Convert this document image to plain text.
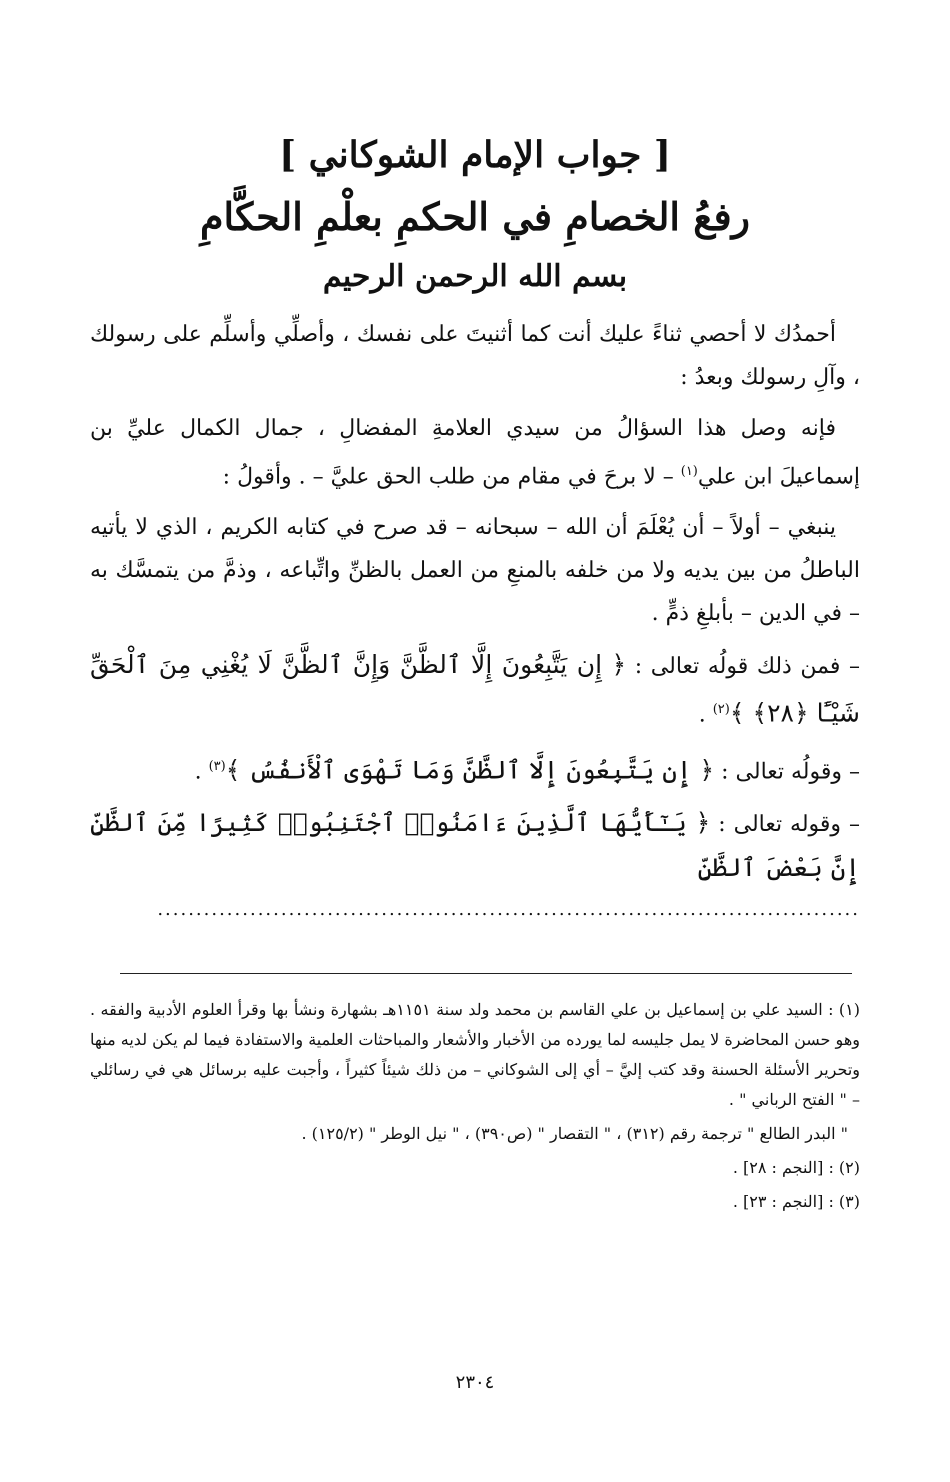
[ جواب الإمام الشوكاني ]
رفعُ الخصامِ في الحكمِ بعلْمِ الحكَّامِ
بسم الله الرحمن الرحيم

أحمدُك لا أحصي ثناءً عليك أنت كما أثنيتَ على نفسك ، وأصلِّي وأسلِّم على رسولك ، وآلِ رسولك وبعدُ :

فإنه وصل هذا السؤالُ من سيدي العلامةِ المفضالِ ، جمال الكمال عليِّ بن إسماعيلَ ابن علي$^{(١)}$ – لا برحَ في مقام من طلب الحق عليَّ – . وأقولُ :

ينبغي – أولاً – أن يُعْلَمَ أن الله – سبحانه – قد صرح في كتابه الكريم ، الذي لا يأتيه الباطلُ من بين يديه ولا من خلفه بالمنعِ من العمل بالظنِّ واتِّباعه ، وذمَّ من يتمسَّك به – في الدين – بأبلغِ ذمٍّ .

– فمن ذلك قولُه تعالى : ﴿ إِن يَتَّبِعُونَ إِلَّا ٱلظَّنَّ وَإِنَّ ٱلظَّنَّ لَا يُغْنِي مِنَ ٱلْحَقِّ شَيْـًٔا ﴿٢٨﴾ ﴾$^{(٢)}$ .

– وقولُه تعالى : ﴿ إِن يَتَّبِعُونَ إِلَّا ٱلظَّنَّ وَمَا تَهْوَى ٱلْأَنفُسُ ﴾$^{(٣)}$ .

– وقوله تعالى : ﴿ يَـٰٓأَيُّهَا ٱلَّذِينَ ءَامَنُوا۟ ٱجْتَنِبُوا۟ كَثِيرًا مِّنَ ٱلظَّنِّ إِنَّ بَعْضَ ٱلظَّنِّ

...........................................................................................

(١) : السيد علي بن إسماعيل بن علي القاسم بن محمد ولد سنة ١١٥١هـ بشهارة ونشأ بها وقرأ العلوم الأدبية والفقه . وهو حسن المحاضرة لا يمل جليسه لما يورده من الأخبار والأشعار والمباحثات العلمية والاستفادة فيما لم يكن لديه منها وتحرير الأسئلة الحسنة وقد كتب إليَّ – أي إلى الشوكاني – من ذلك شيئاً كثيراً ، وأجبت عليه برسائل هي في رسائلي – " الفتح الرباني " .

" البدر الطالع " ترجمة رقم (٣١٢) ، " التقصار " (ص٣٩٠) ، " نيل الوطر " (١٢٥/٢) .

(٢) : [النجم : ٢٨] .

(٣) : [النجم : ٢٣] .

٢٣٠٤
